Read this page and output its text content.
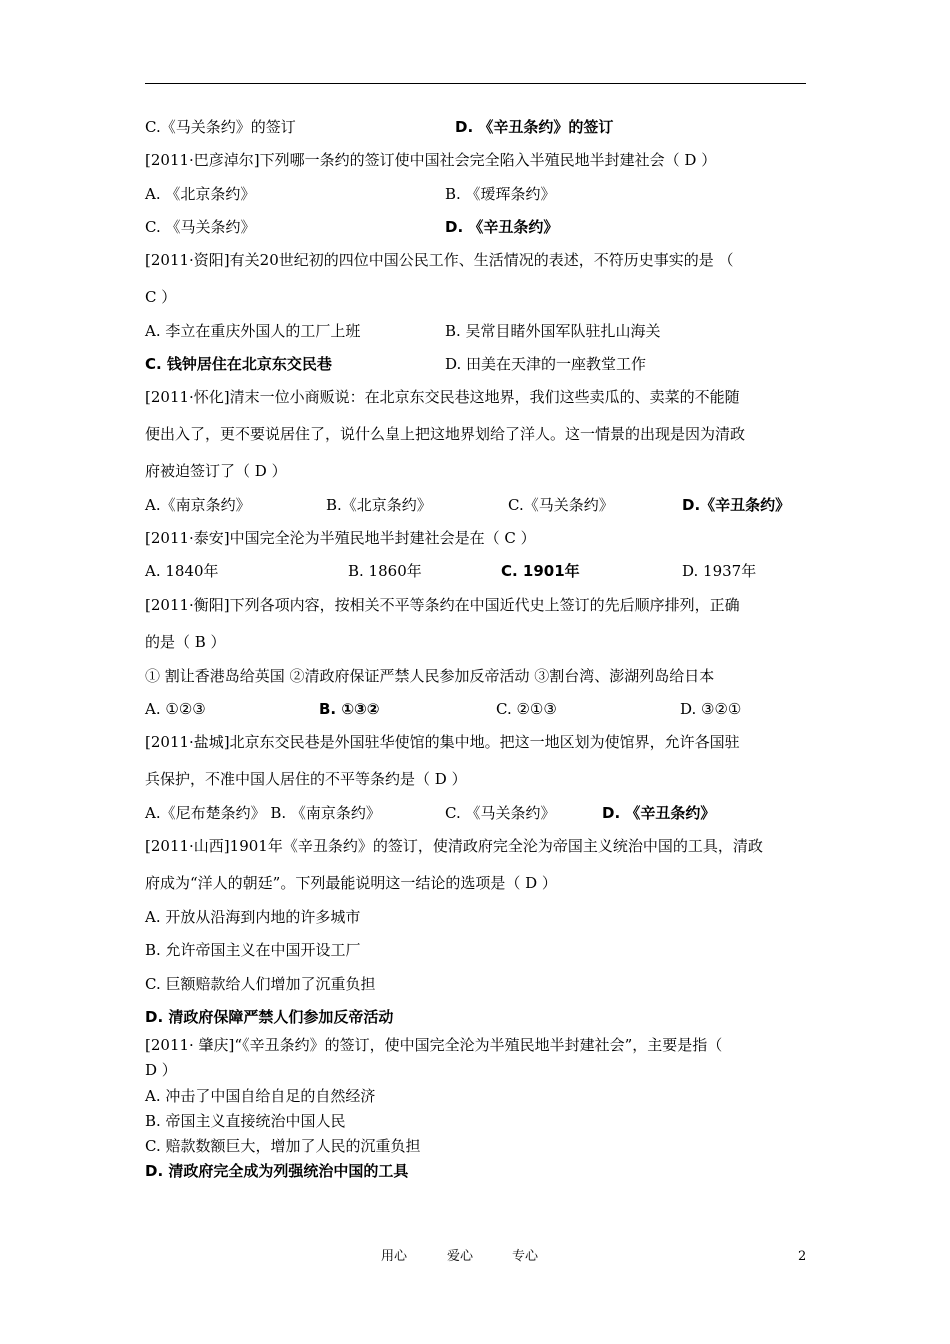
C.《马关条约》的签订	D. 《辛丑条约》的签订
[2011·巴彦淖尔]下列哪一条约的签订使中国社会完全陷入半殖民地半封建社会（ D ）
A. 《北京条约》	B. 《瑷珲条约》
C. 《马关条约》	D. 《辛丑条约》
[2011·资阳]有关20世纪初的四位中国公民工作、生活情况的表述，不符历史事实的是 （
C ）
A. 李立在重庆外国人的工厂上班	B. 吴常目睹外国军队驻扎山海关
C. 钱钟居住在北京东交民巷	D. 田美在天津的一座教堂工作
[2011·怀化]清末一位小商贩说：在北京东交民巷这地界，我们这些卖瓜的、卖菜的不能随
便出入了，更不要说居住了，说什么皇上把这地界划给了洋人。这一情景的出现是因为清政
府被迫签订了（ D ）
A.《南京条约》	B.《北京条约》	C.《马关条约》	D.《辛丑条约》
[2011·泰安]中国完全沦为半殖民地半封建社会是在（ C ）
A. 1840年	B. 1860年	C. 1901年	D. 1937年
[2011·衡阳]下列各项内容，按相关不平等条约在中国近代史上签订的先后顺序排列，正确
的是（ B ）
① 割让香港岛给英国 ②清政府保证严禁人民参加反帝活动 ③割台湾、澎湖列岛给日本
A. ①②③	B. ①③②	C. ②①③	D. ③②①
[2011·盐城]北京东交民巷是外国驻华使馆的集中地。把这一地区划为使馆界，允许各国驻
兵保护，不准中国人居住的不平等条约是（ D ）
A.《尼布楚条约》 B. 《南京条约》	C. 《马关条约》	D. 《辛丑条约》
[2011·山西]1901年《辛丑条约》的签订，使清政府完全沦为帝国主义统治中国的工具，清政
府成为“洋人的朝廷”。下列最能说明这一结论的选项是（ D ）
A. 开放从沿海到内地的许多城市
B. 允许帝国主义在中国开设工厂
C. 巨额赔款给人们增加了沉重负担
D. 清政府保障严禁人们参加反帝活动
[2011· 肇庆]“《辛丑条约》的签订，使中国完全沦为半殖民地半封建社会”，主要是指（
D ）
A. 冲击了中国自给自足的自然经济
B. 帝国主义直接统治中国人民
C. 赔款数额巨大，增加了人民的沉重负担
D. 清政府完全成为列强统治中国的工具
用心	爱心	专心	2
